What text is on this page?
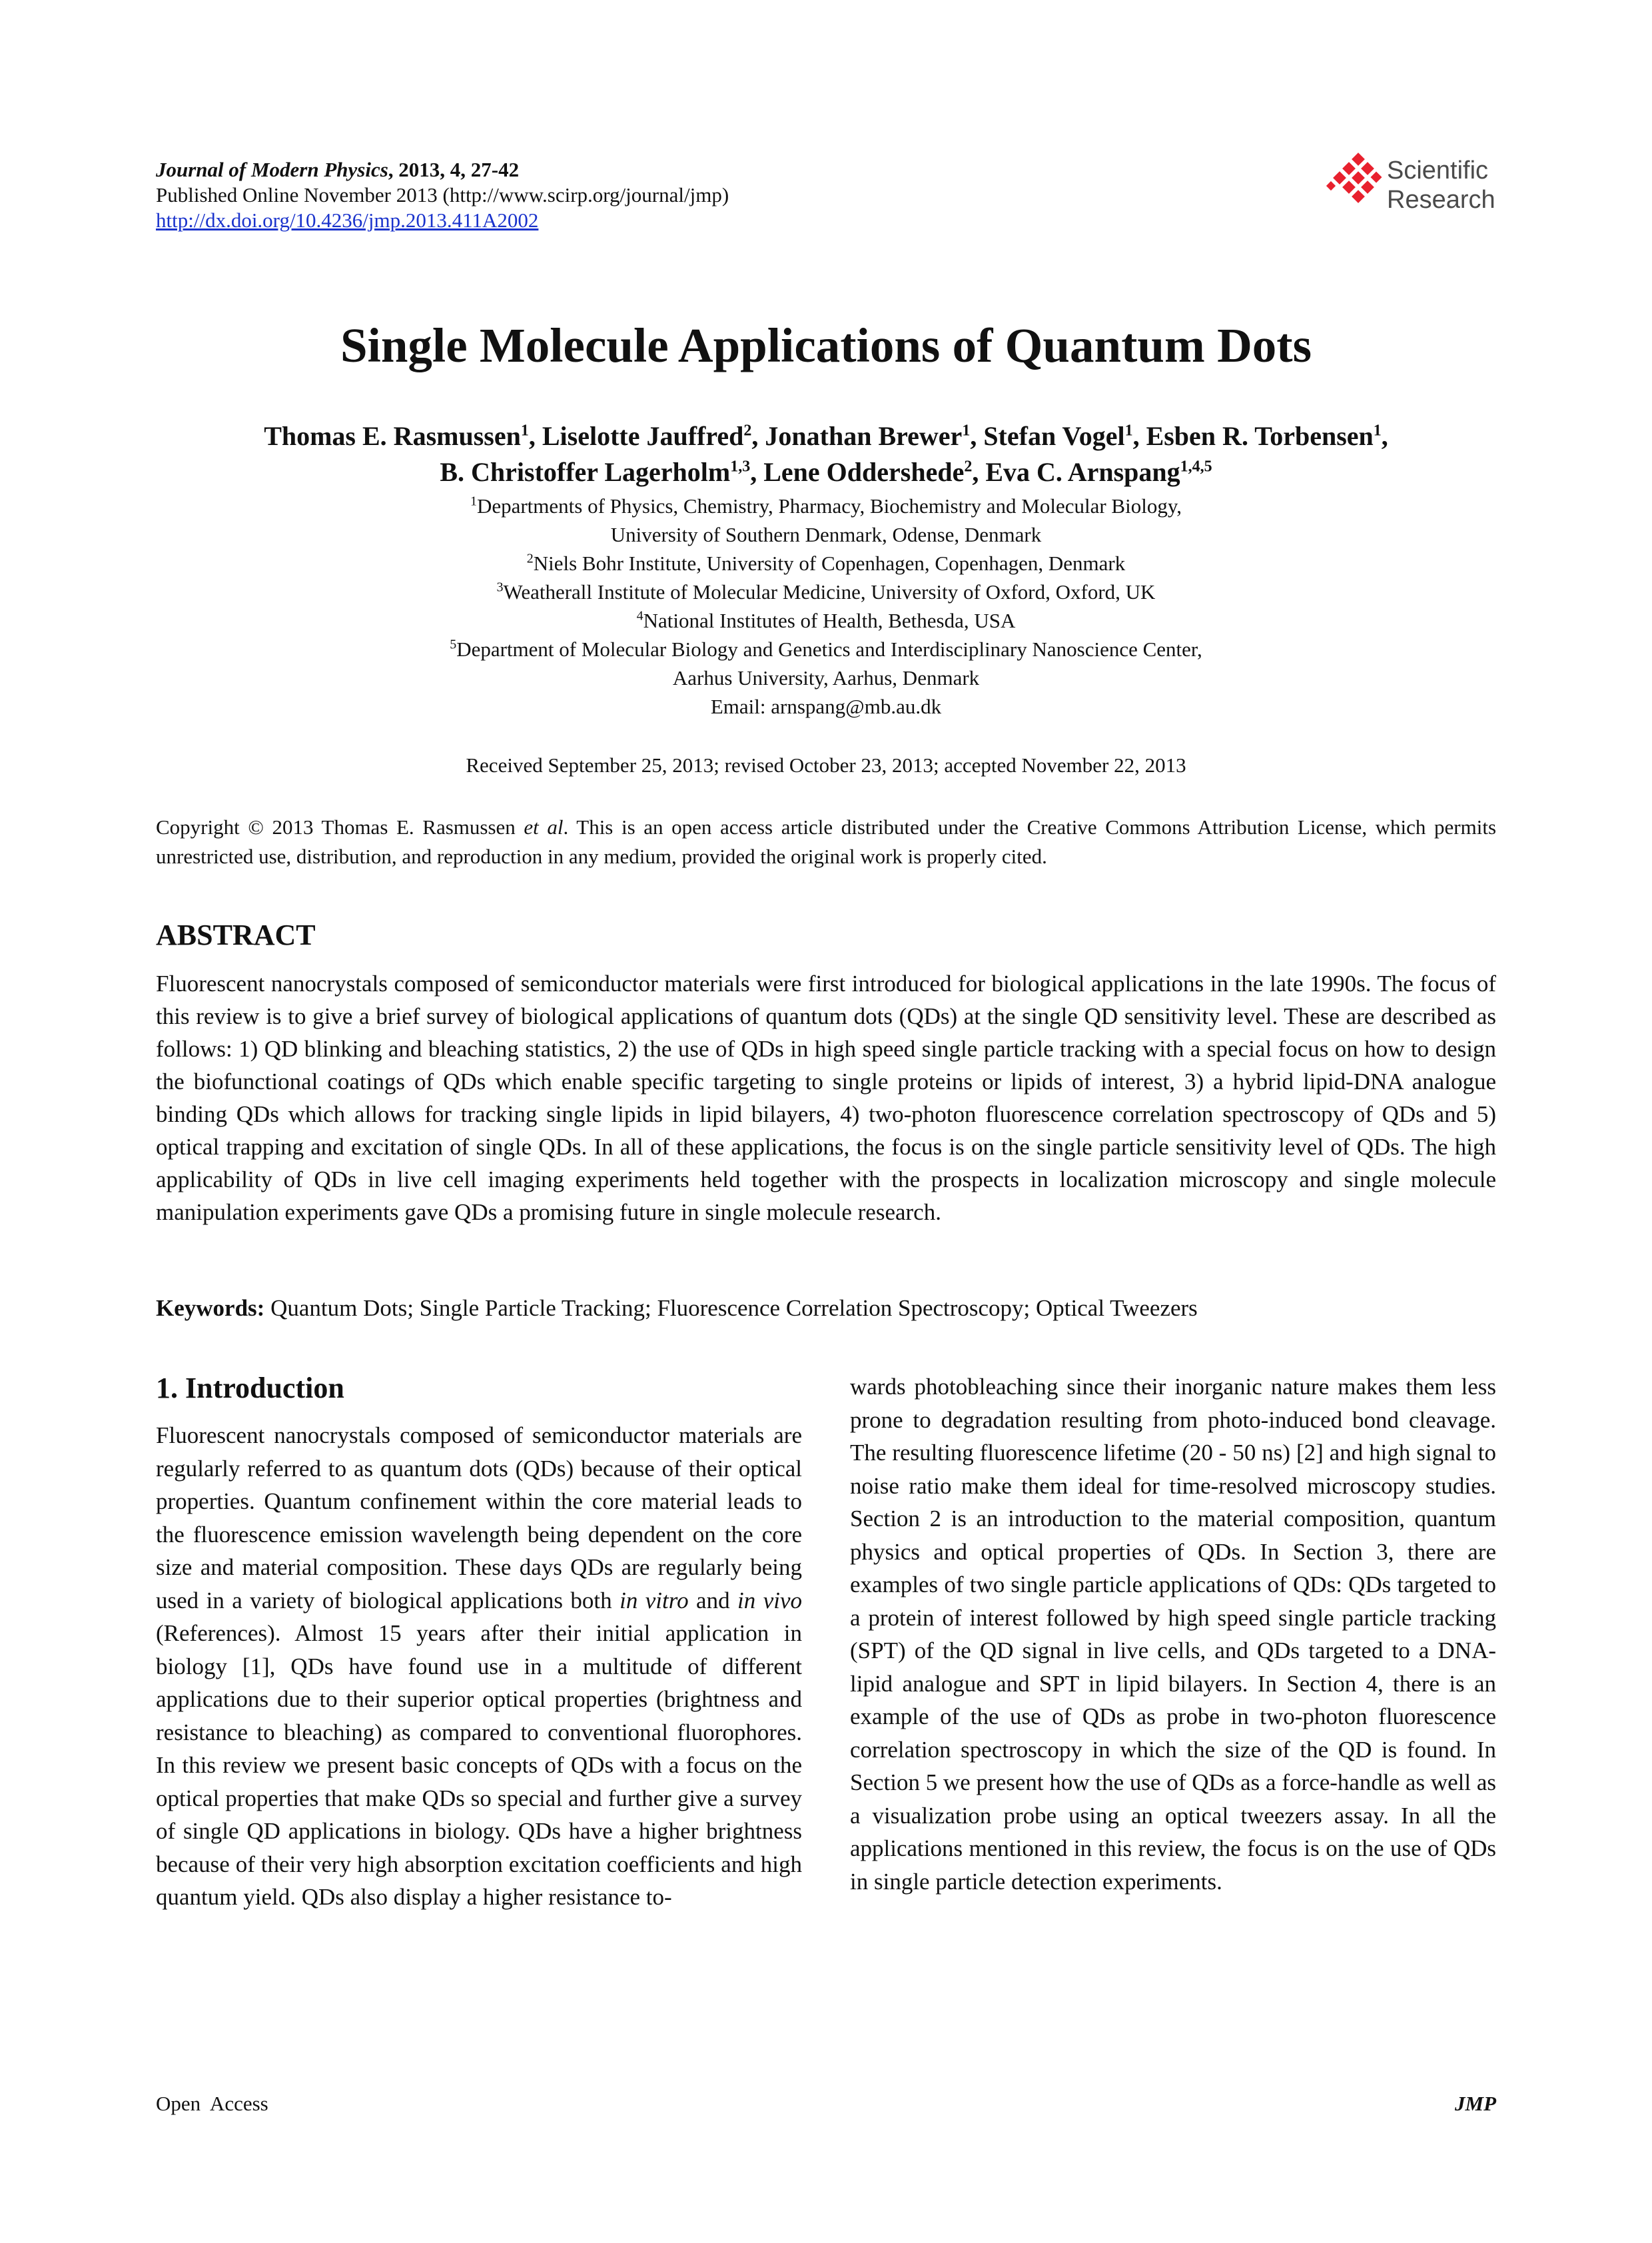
Journal of Modern Physics, 2013, 4, 27-42
Published Online November 2013 (http://www.scirp.org/journal/jmp)
http://dx.doi.org/10.4236/jmp.2013.411A2002
Scientific
Research
Single Molecule Applications of Quantum Dots
Thomas E. Rasmussen$^1$, Liselotte Jauffred$^2$, Jonathan Brewer$^1$, Stefan Vogel$^1$, Esben R. Torbensen$^1$,
B. Christoffer Lagerholm$^{1,3}$, Lene Oddershede$^2$, Eva C. Arnspang$^{1,4,5}$
$^1$Departments of Physics, Chemistry, Pharmacy, Biochemistry and Molecular Biology,
University of Southern Denmark, Odense, Denmark
$^2$Niels Bohr Institute, University of Copenhagen, Copenhagen, Denmark
$^3$Weatherall Institute of Molecular Medicine, University of Oxford, Oxford, UK
$^4$National Institutes of Health, Bethesda, USA
$^5$Department of Molecular Biology and Genetics and Interdisciplinary Nanoscience Center,
Aarhus University, Aarhus, Denmark
Email: arnspang@mb.au.dk
Received September 25, 2013; revised October 23, 2013; accepted November 22, 2013
Copyright © 2013 Thomas E. Rasmussen et al. This is an open access article distributed under the Creative Commons Attribution License, which permits unrestricted use, distribution, and reproduction in any medium, provided the original work is properly cited.
ABSTRACT
Fluorescent nanocrystals composed of semiconductor materials were first introduced for biological applications in the late 1990s. The focus of this review is to give a brief survey of biological applications of quantum dots (QDs) at the single QD sensitivity level. These are described as follows: 1) QD blinking and bleaching statistics, 2) the use of QDs in high speed single particle tracking with a special focus on how to design the biofunctional coatings of QDs which enable specific targeting to single proteins or lipids of interest, 3) a hybrid lipid-DNA analogue binding QDs which allows for tracking single lipids in lipid bilayers, 4) two-photon fluorescence correlation spectroscopy of QDs and 5) optical trapping and excitation of single QDs. In all of these applications, the focus is on the single particle sensitivity level of QDs. The high applicability of QDs in live cell imaging experiments held together with the prospects in localization microscopy and single molecule manipulation experiments gave QDs a promising future in single molecule research.
Keywords: Quantum Dots; Single Particle Tracking; Fluorescence Correlation Spectroscopy; Optical Tweezers
1. Introduction
Fluorescent nanocrystals composed of semiconductor materials are regularly referred to as quantum dots (QDs) because of their optical properties. Quantum confinement within the core material leads to the fluorescence emission wavelength being dependent on the core size and material composition. These days QDs are regularly being used in a variety of biological applications both in vitro and in vivo (References). Almost 15 years after their initial application in biology [1], QDs have found use in a multitude of different applications due to their superior optical properties (brightness and resistance to bleaching) as compared to conventional fluorophores. In this review we present basic concepts of QDs with a focus on the optical properties that make QDs so special and further give a survey of single QD applications in biology. QDs have a higher brightness because of their very high absorption excitation coefficients and high quantum yield. QDs also display a higher resistance to-
wards photobleaching since their inorganic nature makes them less prone to degradation resulting from photo-induced bond cleavage. The resulting fluorescence lifetime (20 - 50 ns) [2] and high signal to noise ratio make them ideal for time-resolved microscopy studies. Section 2 is an introduction to the material composition, quantum physics and optical properties of QDs. In Section 3, there are examples of two single particle applications of QDs: QDs targeted to a protein of interest followed by high speed single particle tracking (SPT) of the QD signal in live cells, and QDs targeted to a DNA-lipid analogue and SPT in lipid bilayers. In Section 4, there is an example of the use of QDs as probe in two-photon fluorescence correlation spectroscopy in which the size of the QD is found. In Section 5 we present how the use of QDs as a force-handle as well as a visualization probe using an optical tweezers assay. In all the applications mentioned in this review, the focus is on the use of QDs in single particle detection experiments.
Open  Access	JMP
